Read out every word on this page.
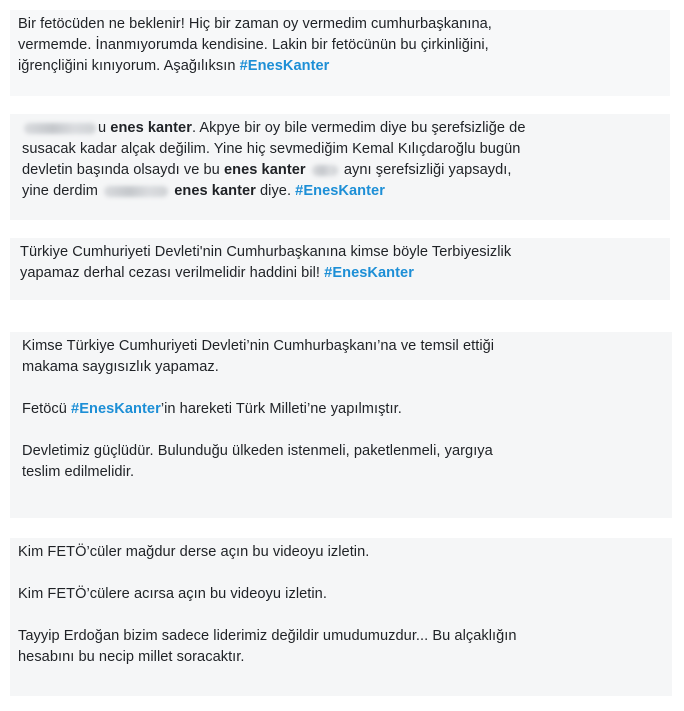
Bir fetöcüden ne beklenir! Hiç bir zaman oy vermedim cumhurbaşkanına,
vermemde. İnanmıyorumda kendisine. Lakin bir fetöcünün bu çirkinliğini,
iğrençliğini kınıyorum. Aşağılıksın #EnesKanter
u enes kanter. Akpye bir oy bile vermedim diye bu şerefsizliğe de
susacak kadar alçak değilim. Yine hiç sevmediğim Kemal Kılıçdaroğlu bugün
devletin başında olsaydı ve bu enes kanter	aynı şerefsizliği yapsaydı,
yine derdim	enes kanter diye. #EnesKanter
Türkiye Cumhuriyeti Devleti'nin Cumhurbaşkanına kimse böyle Terbiyesizlik
yapamaz derhal cezası verilmelidir haddini bil! #EnesKanter

Kimse Türkiye Cumhuriyeti Devleti’nin Cumhurbaşkanı’na ve temsil ettiği
makama saygısızlık yapamaz.

Fetöcü #EnesKanter’in hareketi Türk Milleti’ne yapılmıştır.

Devletimiz güçlüdür. Bulunduğu ülkeden istenmeli, paketlenmeli, yargıya
teslim edilmelidir.

Kim FETÖ’cüler mağdur derse açın bu videoyu izletin.

Kim FETÖ’cülere acırsa açın bu videoyu izletin.

Tayyip Erdoğan bizim sadece liderimiz değildir umudumuzdur... Bu alçaklığın
hesabını bu necip millet soracaktır.
